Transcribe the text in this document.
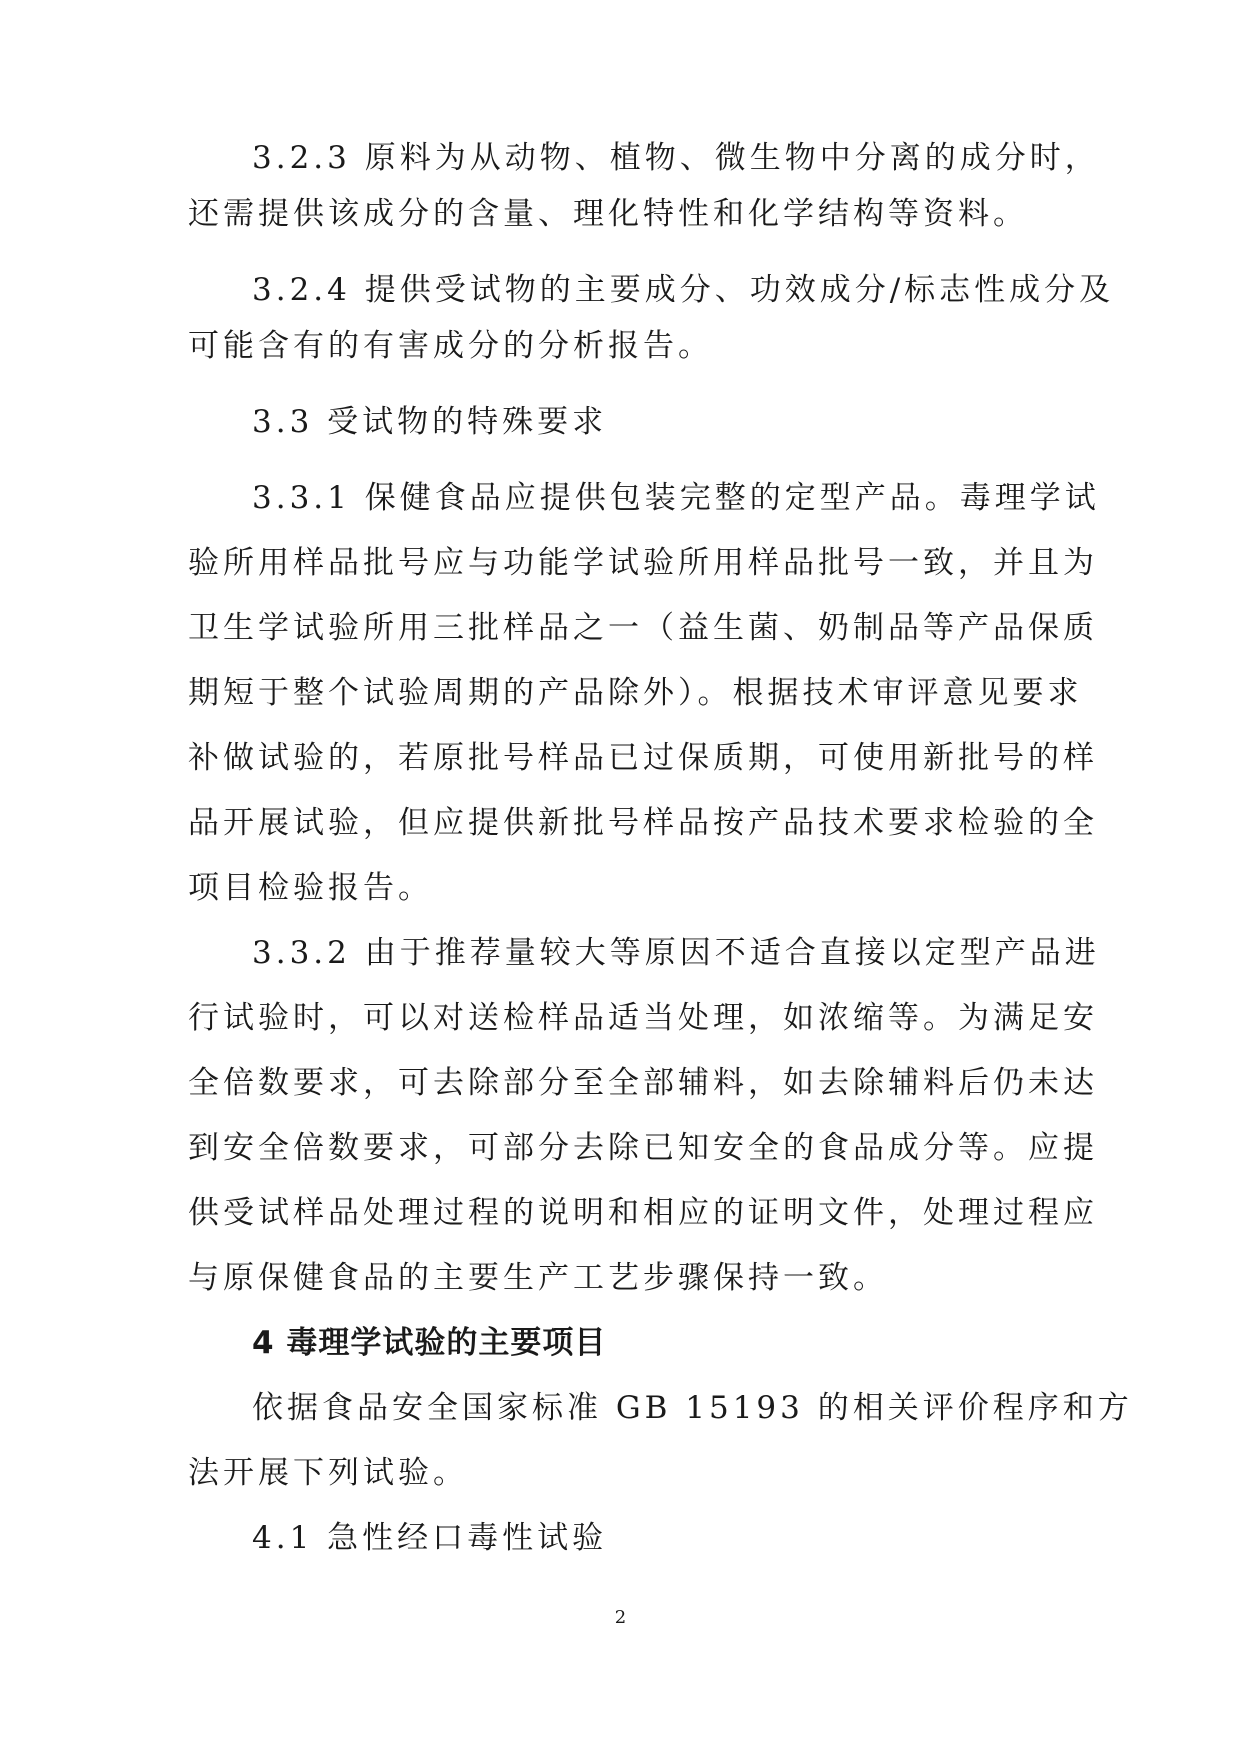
3.2.3 原料为从动物、植物、微生物中分离的成分时，
还需提供该成分的含量、理化特性和化学结构等资料。
3.2.4 提供受试物的主要成分、功效成分/标志性成分及
可能含有的有害成分的分析报告。
3.3 受试物的特殊要求
3.3.1 保健食品应提供包装完整的定型产品。毒理学试
验所用样品批号应与功能学试验所用样品批号一致，并且为
卫生学试验所用三批样品之一（益生菌、奶制品等产品保质
期短于整个试验周期的产品除外）。根据技术审评意见要求
补做试验的，若原批号样品已过保质期，可使用新批号的样
品开展试验，但应提供新批号样品按产品技术要求检验的全
项目检验报告。
3.3.2 由于推荐量较大等原因不适合直接以定型产品进
行试验时，可以对送检样品适当处理，如浓缩等。为满足安
全倍数要求，可去除部分至全部辅料，如去除辅料后仍未达
到安全倍数要求，可部分去除已知安全的食品成分等。应提
供受试样品处理过程的说明和相应的证明文件，处理过程应
与原保健食品的主要生产工艺步骤保持一致。
4 毒理学试验的主要项目
依据食品安全国家标准 GB 15193 的相关评价程序和方
法开展下列试验。
4.1 急性经口毒性试验
2
